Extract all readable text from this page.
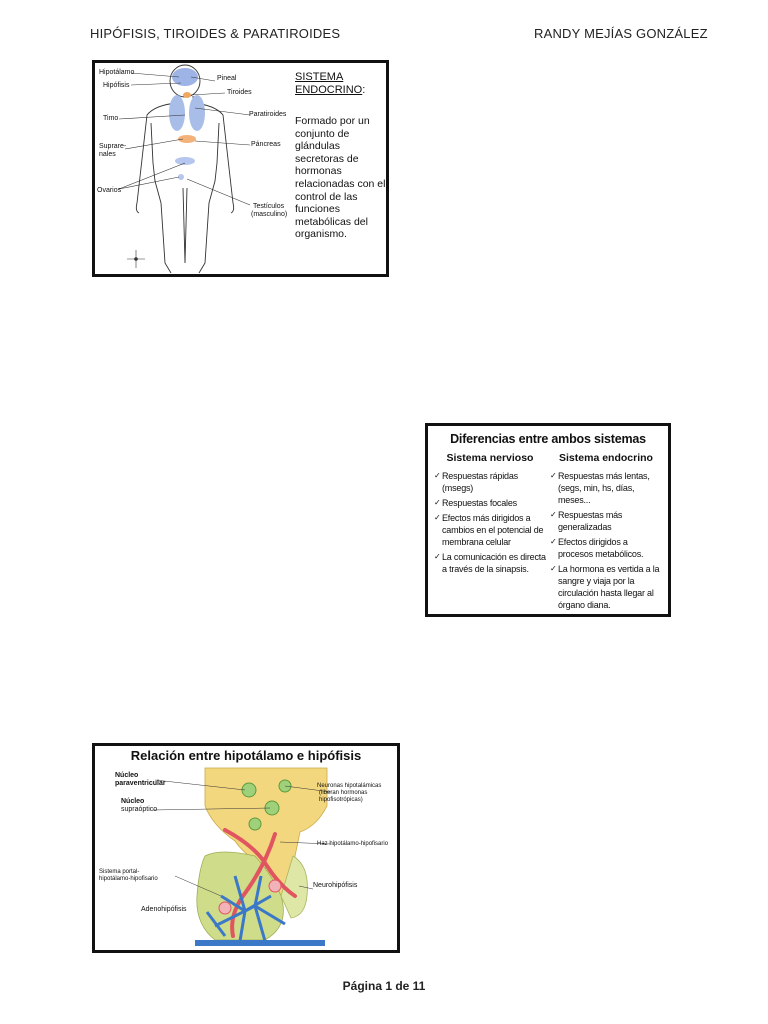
HIPÓFISIS, TIROIDES & PARATIROIDES	RANDY MEJÍAS GONZÁLEZ
Hipotálamo
Hipófisis
Pineal
Tiroides
Timo
Paratiroides
Suprare-
nales
Páncreas
Ovarios
Testículos
(masculino)
SISTEMA
ENDOCRINO:
Formado por un conjunto de glándulas secretoras de hormonas relacionadas con el control de las funciones metabólicas del organismo.
Diferencias entre ambos sistemas
Sistema nervioso
✓ Respuestas rápidas (msegs)
✓ Respuestas focales
✓ Efectos más dirigidos a cambios en el potencial de membrana celular
✓ La comunicación es directa a través de la sinapsis.
Sistema endocrino
✓ Respuestas más lentas, (segs, min, hs, días, meses...
✓ Respuestas más generalizadas
✓ Efectos dirigidos a procesos metabólicos.
✓ La hormona es vertida a la sangre y viaja por la circulación hasta llegar al órgano diana.
Relación entre hipotálamo e hipófisis
Núcleo
paraventricular
Núcleo
supraóptico
Neuronas hipotalámicas
(liberan hormonas
hipofisotrópicas)
Haz hipotálamo-hipofisario
Sistema portal-
hipotálamo-hipofisario
Neurohipófisis
Adenohipófisis
Página 1 de 11
